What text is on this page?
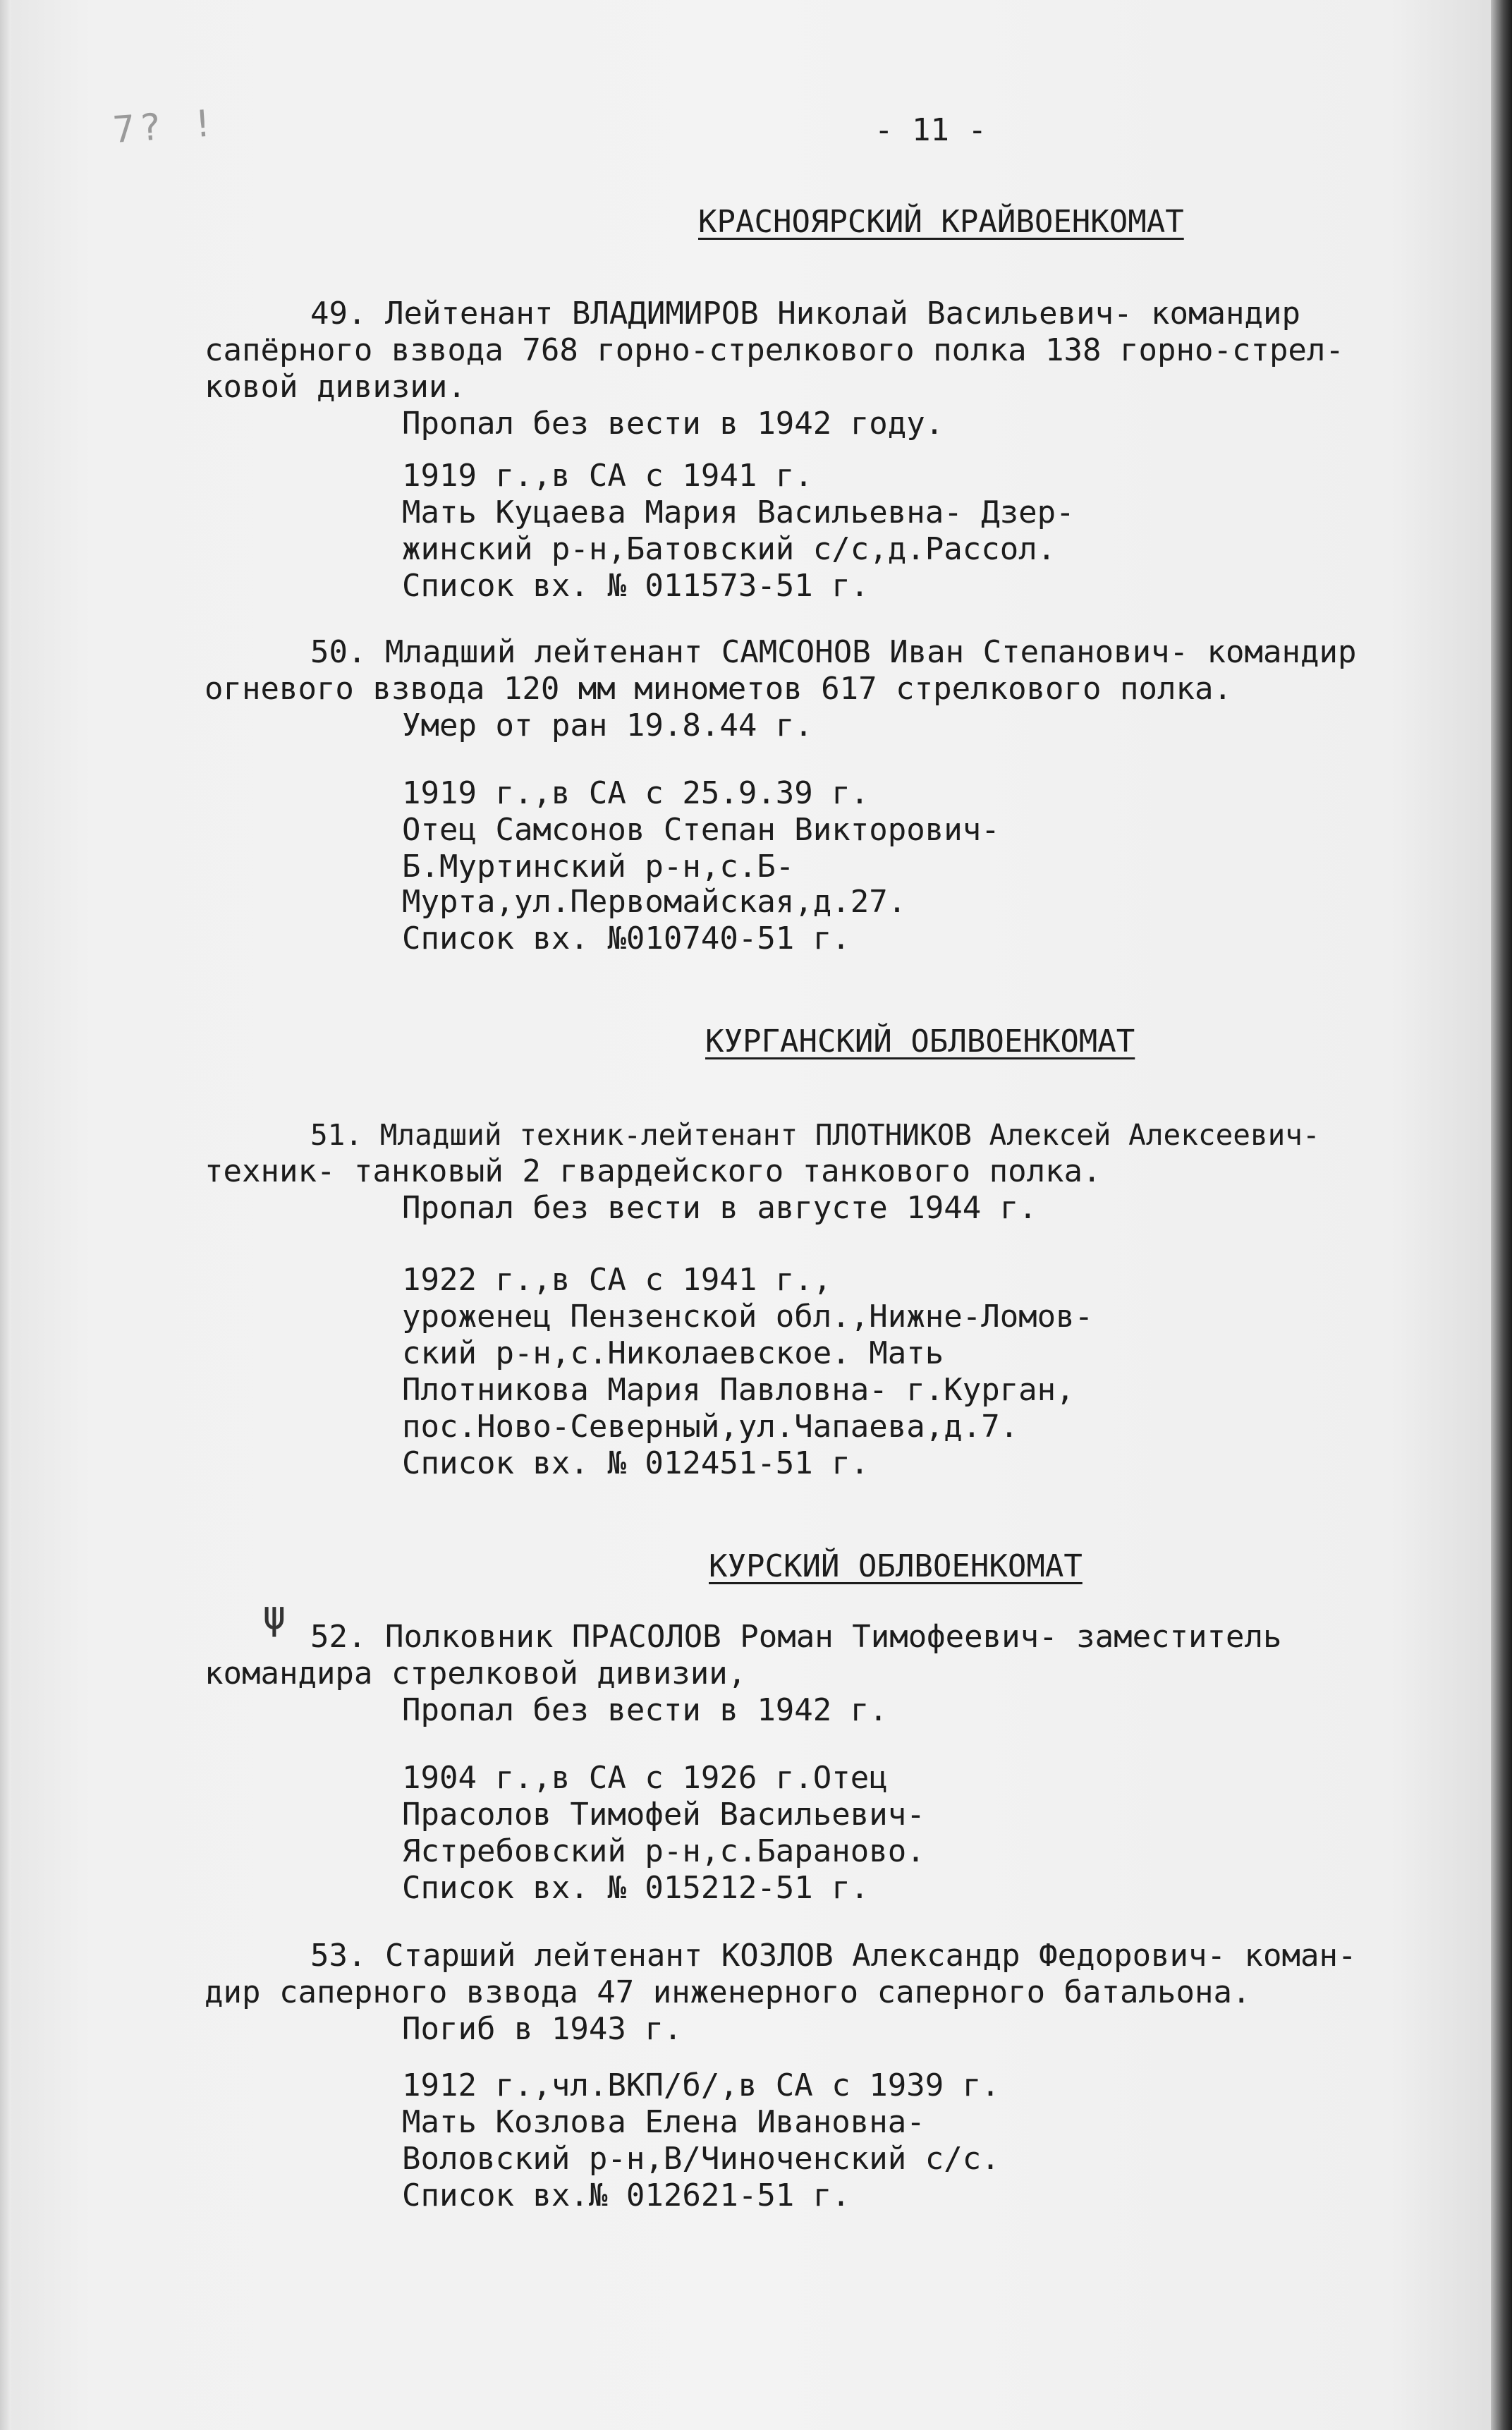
7? !	- 11 -
КРАСНОЯРСКИЙ КРАЙВОЕНКОМАТ
49. Лейтенант ВЛАДИМИРОВ Николай Васильевич- командир
сапёрного взвода 768 горно-стрелкового полка 138 горно-стрел-
ковой дивизии.
Пропал без вести в 1942 году.
1919 г.,в СА с 1941 г.
Мать Куцаева Мария Васильевна- Дзер-
жинский р-н,Батовский с/с,д.Рассол.
Список вх. № 011573-51 г.
50. Младший лейтенант САМСОНОВ Иван Степанович- командир
огневого взвода 120 мм минометов 617 стрелкового полка.
Умер от ран 19.8.44 г.
1919 г.,в СА с 25.9.39 г.
Отец Самсонов Степан Викторович-
Б.Муртинский р-н,с.Б-Мурта,ул.Первомайская,д.27.
Список вх. №010740-51 г.
КУРГАНСКИЙ ОБЛВОЕНКОМАТ
51. Младший техник-лейтенант ПЛОТНИКОВ Алексей Алексеевич-
техник- танковый 2 гвардейского танкового полка.
Пропал без вести в августе 1944 г.
1922 г.,в СА с 1941 г.,
уроженец Пензенской обл.,Нижне-Ломов-
ский р-н,с.Николаевское. Мать
Плотникова Мария Павловна- г.Курган,
пос.Ново-Северный,ул.Чапаева,д.7.
Список вх. № 012451-51 г.
КУРСКИЙ ОБЛВОЕНКОМАТ
ψ 52. Полковник ПРАСОЛОВ Роман Тимофеевич- заместитель
командира стрелковой дивизии,
Пропал без вести в 1942 г.
1904 г.,в СА с 1926 г.Отец
Прасолов Тимофей Васильевич-
Ястребовский р-н,с.Бараново.
Список вх. № 015212-51 г.
53. Старший лейтенант КОЗЛОВ Александр Федорович- коман-
дир саперного взвода 47 инженерного саперного батальона.
Погиб в 1943 г.
1912 г.,чл.ВКП/б/,в СА с 1939 г.
Мать Козлова Елена Ивановна-
Воловский р-н,В/Чиноченский с/с.
Список вх.№ 012621-51 г.
